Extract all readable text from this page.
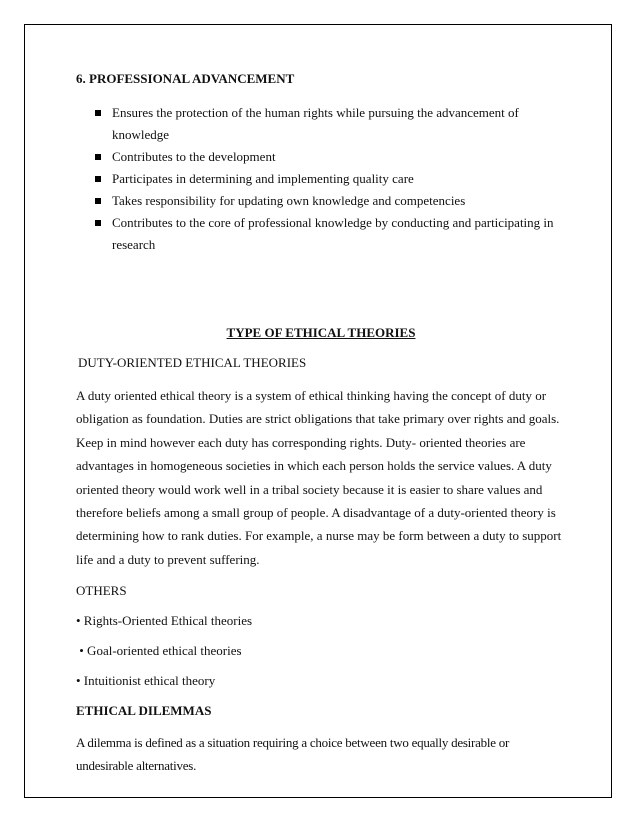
6. PROFESSIONAL ADVANCEMENT

Ensures the protection of the human rights while pursuing the advancement of knowledge
Contributes to the development
Participates in determining and implementing quality care
Takes responsibility for updating own knowledge and competencies
Contributes to the core of professional knowledge by conducting and participating in research

TYPE OF ETHICAL THEORIES

DUTY-ORIENTED ETHICAL THEORIES

A duty oriented ethical theory is a system of ethical thinking having the concept of duty or obligation as foundation. Duties are strict obligations that take primary over rights and goals. Keep in mind however each duty has corresponding rights. Duty- oriented theories are advantages in homogeneous societies in which each person holds the service values. A duty oriented theory would work well in a tribal society because it is easier to share values and therefore beliefs among a small group of people. A disadvantage of a duty-oriented theory is determining how to rank duties. For example, a nurse may be form between a duty to support life and a duty to prevent suffering.

OTHERS

• Rights-Oriented Ethical theories

• Goal-oriented ethical theories

• Intuitionist ethical theory

ETHICAL DILEMMAS

A dilemma is defined as a situation requiring a choice between two equally desirable or undesirable alternatives.
